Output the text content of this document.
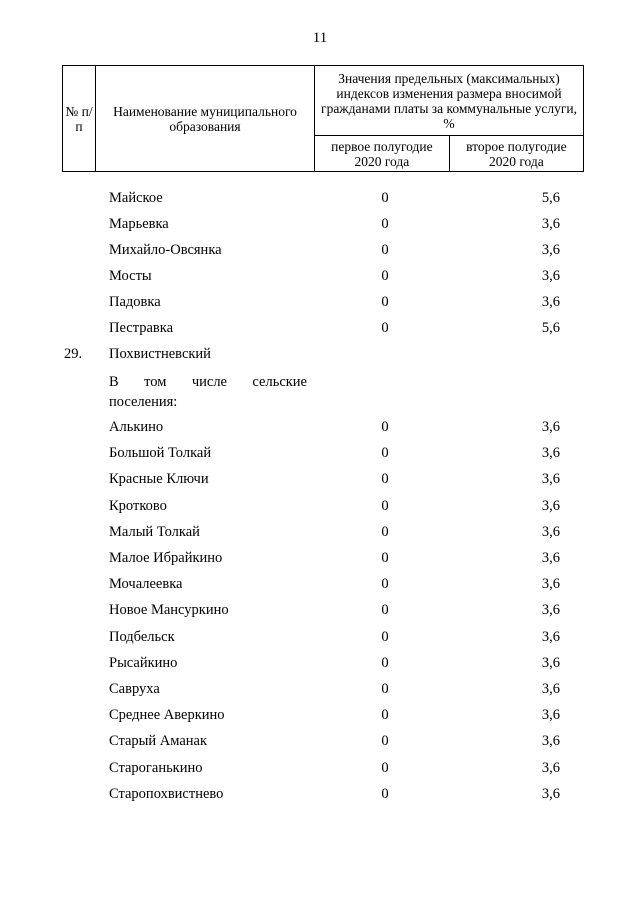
11
№ п/п	Наименование муниципального образования	Значения предельных (максимальных) индексов изменения размера вносимой гражданами платы за коммунальные услуги, %	
		первое полугодие 2020 года	второе полугодие 2020 года
Майское	0	5,6
Марьевка	0	3,6
Михайло-Овсянка	0	3,6
Мосты	0	3,6
Падовка	0	3,6
Пестравка	0	5,6
29. Похвистневский
В том числе сельские
поселения:
Алькино	0	3,6
Большой Толкай	0	3,6
Красные Ключи	0	3,6
Кротково	0	3,6
Малый Толкай	0	3,6
Малое Ибрайкино	0	3,6
Мочалеевка	0	3,6
Новое Мансуркино	0	3,6
Подбельск	0	3,6
Рысайкино	0	3,6
Савруха	0	3,6
Среднее Аверкино	0	3,6
Старый Аманак	0	3,6
Староганькино	0	3,6
Старопохвистнево	0	3,6
